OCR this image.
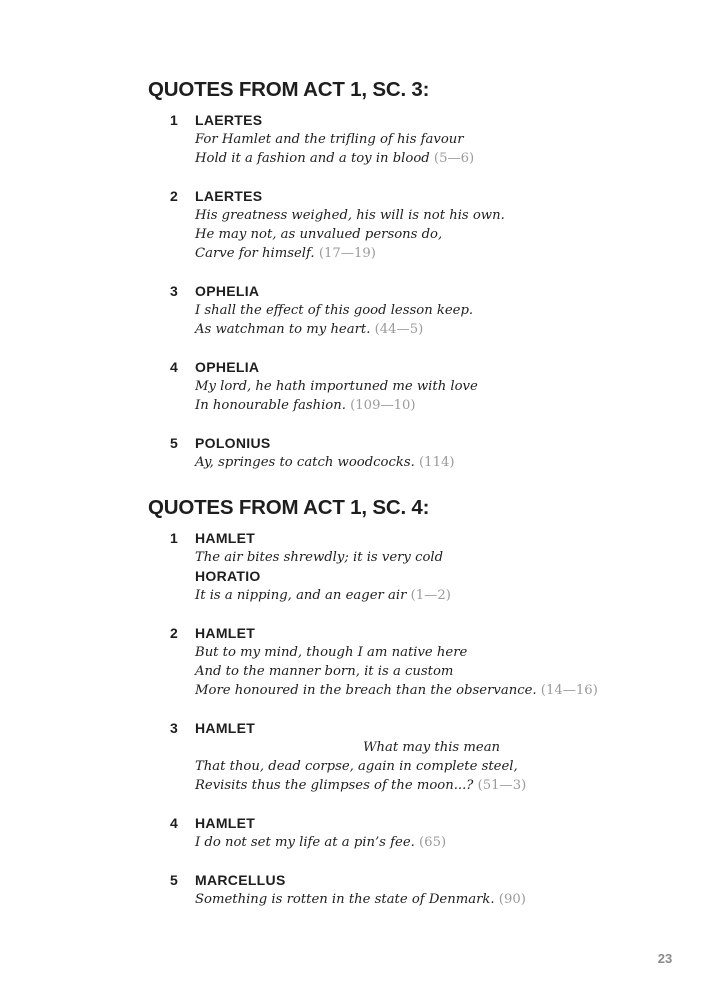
QUOTES FROM ACT 1, SC. 3:
1 LAERTES
For Hamlet and the trifling of his favour
Hold it a fashion and a toy in blood (5—6)
2 LAERTES
His greatness weighed, his will is not his own.
He may not, as unvalued persons do,
Carve for himself. (17—19)
3 OPHELIA
I shall the effect of this good lesson keep.
As watchman to my heart. (44—5)
4 OPHELIA
My lord, he hath importuned me with love
In honourable fashion. (109—10)
5 POLONIUS
Ay, springes to catch woodcocks. (114)
QUOTES FROM ACT 1, SC. 4:
1 HAMLET
The air bites shrewdly; it is very cold
HORATIO
It is a nipping, and an eager air (1—2)
2 HAMLET
But to my mind, though I am native here
And to the manner born, it is a custom
More honoured in the breach than the observance. (14—16)
3 HAMLET
What may this mean
That thou, dead corpse, again in complete steel,
Revisits thus the glimpses of the moon...? (51—3)
4 HAMLET
I do not set my life at a pin’s fee. (65)
5 MARCELLUS
Something is rotten in the state of Denmark. (90)
23
